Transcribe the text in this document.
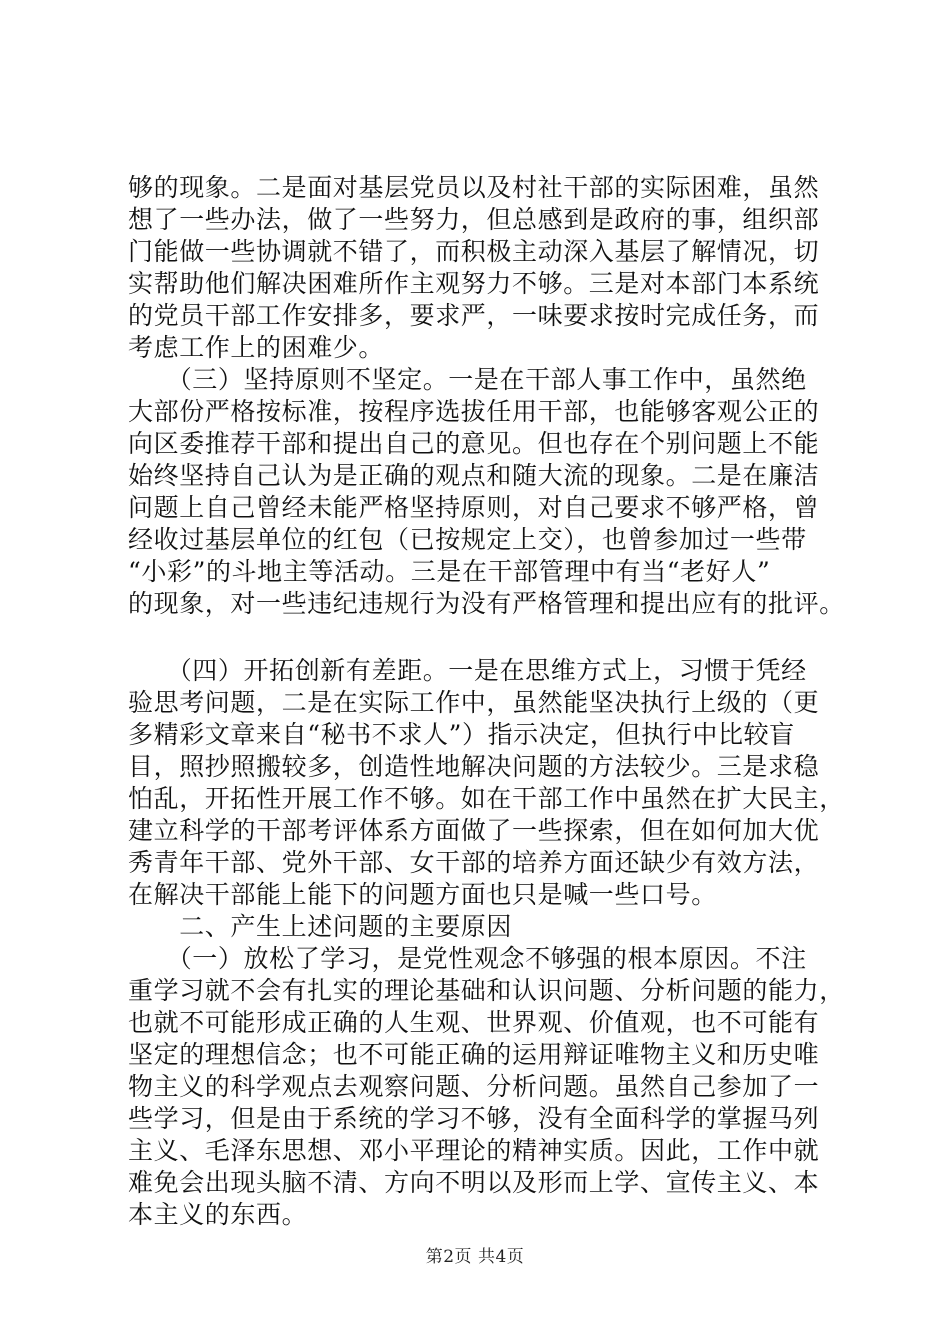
够的现象。二是面对基层党员以及村社干部的实际困难，虽然
想了一些办法，做了一些努力，但总感到是政府的事，组织部
门能做一些协调就不错了，而积极主动深入基层了解情况，切
实帮助他们解决困难所作主观努力不够。三是对本部门本系统
的党员干部工作安排多，要求严，一味要求按时完成任务，而
考虑工作上的困难少。
　　（三）坚持原则不坚定。一是在干部人事工作中，虽然绝
大部份严格按标准，按程序选拔任用干部，也能够客观公正的
向区委推荐干部和提出自己的意见。但也存在个别问题上不能
始终坚持自己认为是正确的观点和随大流的现象。二是在廉洁
问题上自己曾经未能严格坚持原则，对自己要求不够严格，曾
经收过基层单位的红包（已按规定上交），也曾参加过一些带
“小彩”的斗地主等活动。三是在干部管理中有当“老好人”
的现象，对一些违纪违规行为没有严格管理和提出应有的批评。
　　（四）开拓创新有差距。一是在思维方式上，习惯于凭经
验思考问题，二是在实际工作中，虽然能坚决执行上级的（更
多精彩文章来自“秘书不求人”）指示决定，但执行中比较盲
目，照抄照搬较多，创造性地解决问题的方法较少。三是求稳
怕乱，开拓性开展工作不够。如在干部工作中虽然在扩大民主，
建立科学的干部考评体系方面做了一些探索，但在如何加大优
秀青年干部、党外干部、女干部的培养方面还缺少有效方法，
在解决干部能上能下的问题方面也只是喊一些口号。
　　二、产生上述问题的主要原因
　　（一）放松了学习，是党性观念不够强的根本原因。不注
重学习就不会有扎实的理论基础和认识问题、分析问题的能力，
也就不可能形成正确的人生观、世界观、价值观，也不可能有
坚定的理想信念；也不可能正确的运用辩证唯物主义和历史唯
物主义的科学观点去观察问题、分析问题。虽然自己参加了一
些学习，但是由于系统的学习不够，没有全面科学的掌握马列
主义、毛泽东思想、邓小平理论的精神实质。因此，工作中就
难免会出现头脑不清、方向不明以及形而上学、宣传主义、本
本主义的东西。
第2页 共4页
